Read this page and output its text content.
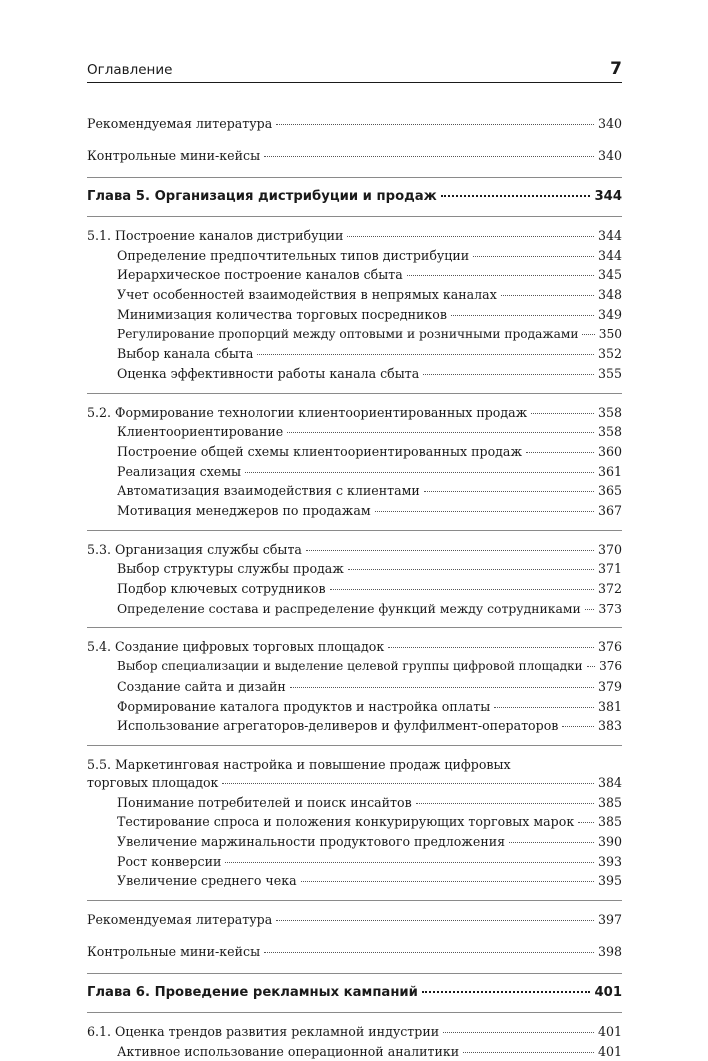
Оглавление	7
Рекомендуемая литература	340
Контрольные мини-кейсы	340
Глава 5. Организация дистрибуции и продаж	344
5.1. Построение каналов дистрибуции	344
Определение предпочтительных типов дистрибуции	344
Иерархическое построение каналов сбыта	345
Учет особенностей взаимодействия в непрямых каналах	348
Минимизация количества торговых посредников	349
Регулирование пропорций между оптовыми и розничными продажами 350
Выбор канала сбыта	352
Оценка эффективности работы канала сбыта	355
5.2. Формирование технологии клиентоориентированных продаж	358
Клиентоориентирование	358
Построение общей схемы клиентоориентированных продаж	360
Реализация схемы	361
Автоматизация взаимодействия с клиентами	365
Мотивация менеджеров по продажам	367
5.3. Организация службы сбыта	370
Выбор структуры службы продаж	371
Подбор ключевых сотрудников	372
Определение состава и распределение функций между сотрудниками 373
5.4. Создание цифровых торговых площадок	376
Выбор специализации и выделение целевой группы цифровой площадки 376
Создание сайта и дизайн	379
Формирование каталога продуктов и настройка оплаты	381
Использование агрегаторов-деливеров и фулфилмент-операторов	383
5.5. Маркетинговая настройка и повышение продаж цифровых
торговых площадок	384
Понимание потребителей и поиск инсайтов	385
Тестирование спроса и положения конкурирующих торговых марок 385
Увеличение маржинальности продуктового предложения	390
Рост конверсии	393
Увеличение среднего чека	395
Рекомендуемая литература	397
Контрольные мини-кейсы	398
Глава 6. Проведение рекламных кампаний	401
6.1. Оценка трендов развития рекламной индустрии	401
Активное использование операционной аналитики	401
